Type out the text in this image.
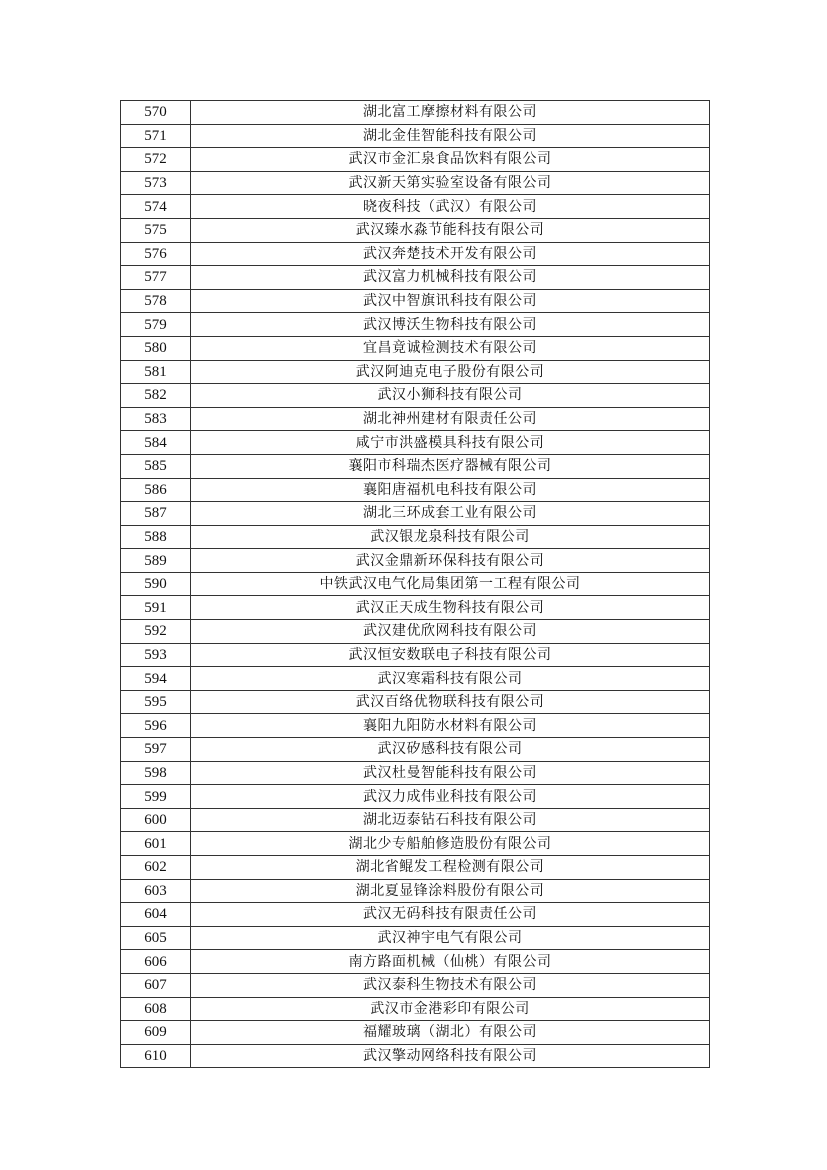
570	湖北富工摩擦材料有限公司
571	湖北金佳智能科技有限公司
572	武汉市金汇泉食品饮料有限公司
573	武汉新天第实验室设备有限公司
574	晓夜科技（武汉）有限公司
575	武汉臻水淼节能科技有限公司
576	武汉奔楚技术开发有限公司
577	武汉富力机械科技有限公司
578	武汉中智旗讯科技有限公司
579	武汉博沃生物科技有限公司
580	宜昌竟诚检测技术有限公司
581	武汉阿迪克电子股份有限公司
582	武汉小狮科技有限公司
583	湖北神州建材有限责任公司
584	咸宁市洪盛模具科技有限公司
585	襄阳市科瑞杰医疗器械有限公司
586	襄阳唐福机电科技有限公司
587	湖北三环成套工业有限公司
588	武汉银龙泉科技有限公司
589	武汉金鼎新环保科技有限公司
590	中铁武汉电气化局集团第一工程有限公司
591	武汉正天成生物科技有限公司
592	武汉建优欣网科技有限公司
593	武汉恒安数联电子科技有限公司
594	武汉寒霜科技有限公司
595	武汉百络优物联科技有限公司
596	襄阳九阳防水材料有限公司
597	武汉矽感科技有限公司
598	武汉杜曼智能科技有限公司
599	武汉力成伟业科技有限公司
600	湖北迈泰钻石科技有限公司
601	湖北少专船舶修造股份有限公司
602	湖北省鲲发工程检测有限公司
603	湖北夏显锋涂料股份有限公司
604	武汉无码科技有限责任公司
605	武汉神宇电气有限公司
606	南方路面机械（仙桃）有限公司
607	武汉泰科生物技术有限公司
608	武汉市金港彩印有限公司
609	福耀玻璃（湖北）有限公司
610	武汉擎动网络科技有限公司
